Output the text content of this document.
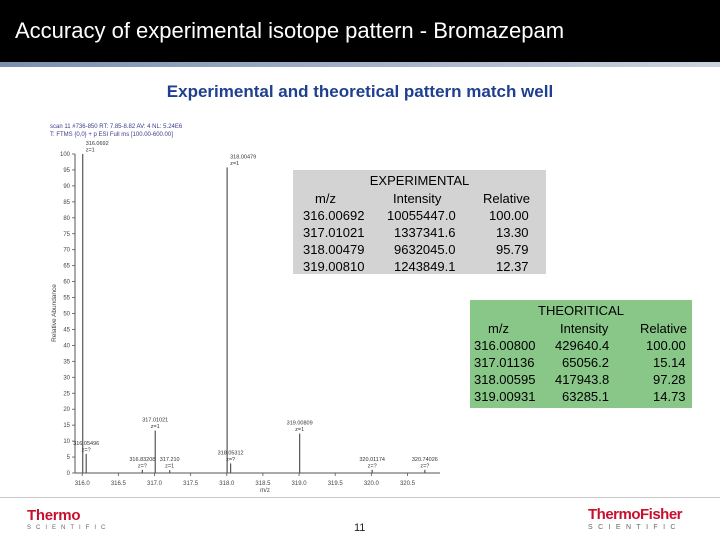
Accuracy of experimental isotope pattern - Bromazepam
Experimental and theoretical pattern match well
scan 11 #736-850 RT: 7.85-8.82 AV: 4 NL: 5.24E6
T: FTMS {0,0} + p ESI Full ms [100.00-600.00]
0
5
10
15
20
25
30
35
40
45
50
55
60
65
70
75
80
85
90
95
100
316.0	316.5	317.0	317.5	318.0	318.5	319.0	319.5	320.0	320.5
m/z
Relative Abundance
316.0692
z=1
316.05496
z=?
316.83208
z=?
317.01021
z=1
317.210
z=1
318.00479
z=1
318.05312
z=?
319.00809
z=1
320.01174
z=?
320.74026
z=?
EXPERIMENTAL
m/z	Intensity	Relative
316.00692 10055447.0	100.00
317.01021 1337341.6	13.30
318.00479 9632045.0	95.79
319.00810 1243849.1	12.37
THEORITICAL
m/z	Intensity Relative
316.00800 429640.4	100.00
317.01136 65056.2	15.14
318.00595 417943.8	97.28
319.00931 63285.1	14.73
Thermo
SCIENTIFIC	11
ThermoFisher
SCIENTIFIC
